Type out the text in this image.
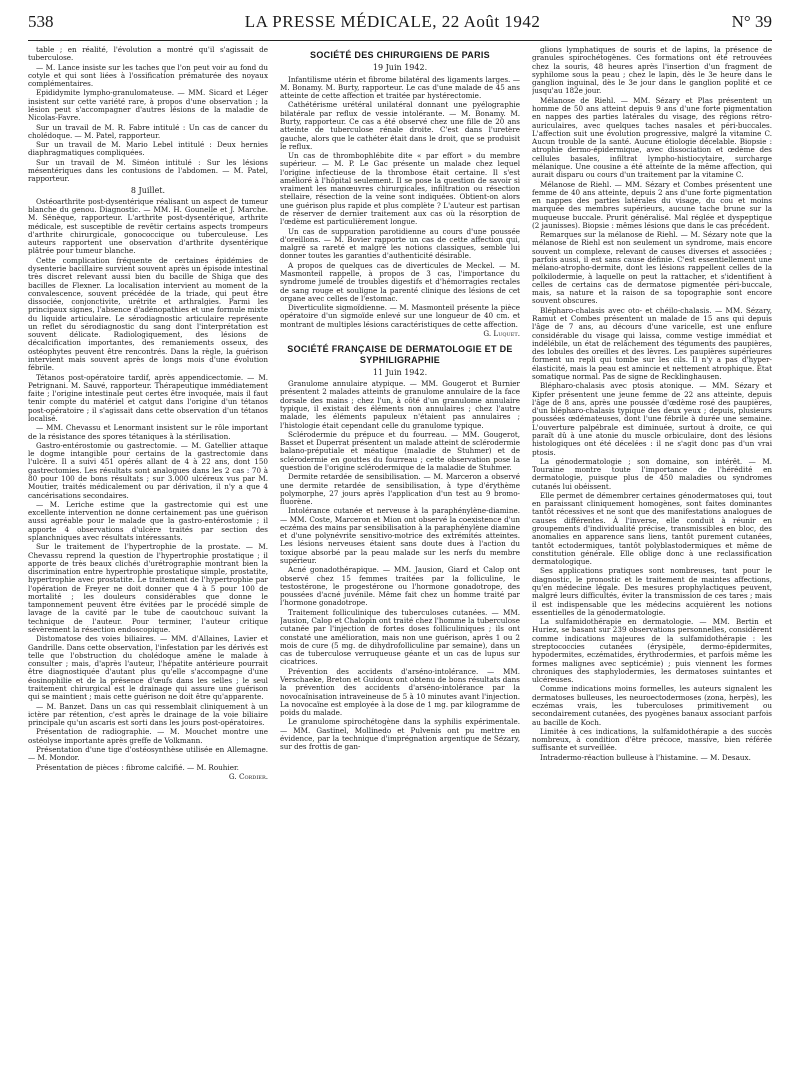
538	LA PRESSE MÉDICALE, 22 Août 1942	N° 39

table ; en réalité, l'évolution a montré qu'il s'agissait de tuberculose.

— M. Lance insiste sur les taches que l'on peut voir au fond du cotyle et qui sont liées à l'ossification prématurée des noyaux complémentaires.

Epididymite lympho-granulomateuse. — MM. Sicard et Léger insistent sur cette variété rare, à propos d'une observation ; la lésion peut s'accompagner d'autres lésions de la maladie de Nicolas-Favre.

Sur un travail de M. R. Fabre intitulé : Un cas de cancer du cholédoque. — M. Patel, rapporteur.

Sur un travail de M. Mario Lebel intitulé : Deux hernies diaphragmatiques compliquées.

Sur un travail de M. Siméon intitulé : Sur les lésions mésentériques dans les contusions de l'abdomen. — M. Patel, rapporteur.

8 Juillet.

Ostéoarthrite post-dysentérique réalisant un aspect de tumeur blanche du genou. Diagnostic. — MM. H. Gounelle et J. Marche. M. Sénèque, rapporteur. L'arthrite post-dysentérique, arthrite médicale, est susceptible de revêtir certains aspects trompeurs d'arthrite chirurgicale, gonococcique ou tuberculeuse. Les auteurs rapportent une observation d'arthrite dysentérique plâtrée pour tumeur blanche.

Cette complication fréquente de certaines épidémies de dysenterie bacillaire survient souvent après un épisode intestinal très discret relevant aussi bien du bacille de Shiga que des bacilles de Flexner. La localisation intervient au moment de la convalescence, souvent précédée de la triade, qui peut être dissociée, conjonctivite, urétrite et arthralgies. Parmi les principaux signes, l'absence d'adénopathies et une formule mixte du liquide articulaire. Le sérodiagnostic articulaire représente un reflet du sérodiagnostic du sang dont l'interprétation est souvent délicate. Radiologiquement, des lésions de décalcification importantes, des remaniements osseux, des ostéophytes peuvent être rencontrés. Dans la règle, la guérison intervient mais souvent après de longs mois d'une évolution fébrile.

Tétanos post-opératoire tardif, après appendicectomie. — M. Petrignani. M. Sauvé, rapporteur. Thérapeutique immédiatement faite ; l'origine intestinale peut certes être invoquée, mais il faut tenir compte du matériel et catgut dans l'origine d'un tétanos post-opératoire ; il s'agissait dans cette observation d'un tétanos localisé.

— MM. Chevassu et Lenormant insistent sur le rôle important de la résistance des spores tétaniques à la stérilisation.

Gastro-entérostomie ou gastrectomie. — M. Gatellier attaque le dogme intangible pour certains de la gastrectomie dans l'ulcère. Il a suivi 451 opérés allant de 4 à 22 ans, dont 150 gastrectomies. Les résultats sont analogues dans les 2 cas : 70 à 80 pour 100 de bons résultats ; sur 3.000 ulcéreux vus par M. Moutier, traités médicalement ou par dérivation, il n'y a que 4 cancérisations secondaires.

— M. Leriche estime que la gastrectomie qui est une excellente intervention ne donne certainement pas une guérison aussi agréable pour le malade que la gastro-entérostomie ; il apporte 4 observations d'ulcère traités par section des splanchniques avec résultats intéressants.

Sur le traitement de l'hypertrophie de la prostate. — M. Chevassu reprend la question de l'hypertrophie prostatique ; il apporte de très beaux clichés d'urétrographie montrant bien la discrimination entre hypertrophie prostatique simple, prostatite, hypertrophie avec prostatite. Le traitement de l'hypertrophie par l'opération de Freyer ne doit donner que 4 à 5 pour 100 de mortalité ; les douleurs considérables que donne le tamponnement peuvent être évitées par le procédé simple de lavage de la cavité par le tube de caoutchouc suivant la technique de l'auteur. Pour terminer, l'auteur critique sévèrement la résection endoscopique.

Distomatose des voies biliaires. — MM. d'Allaines, Lavier et Gandrille. Dans cette observation, l'infestation par les dérivés est telle que l'obstruction du cholédoque amène le malade à consulter ; mais, d'après l'auteur, l'hépatite antérieure pourrait être diagnostiquée d'autant plus qu'elle s'accompagne d'une éosinophilie et de la présence d'œufs dans les selles ; le seul traitement chirurgical est le drainage qui assure une guérison qui se maintient ; mais cette guérison ne doit être qu'apparente.

— M. Banzet. Dans un cas qui ressemblait cliniquement à un ictère par rétention, c'est après le drainage de la voie biliaire principale qu'un ascaris est sorti dans les jours post-opératoires.

Présentation de radiographie. — M. Mouchet montre une ostéolyse importante après greffe de Volkmann.

Présentation d'une tige d'ostéosynthèse utilisée en Allemagne. — M. Mondor.

Présentation de pièces : fibrome calcifié. — M. Rouhier.

G. Cordier.
SOCIÉTÉ DES CHIRURGIENS DE PARIS
19 Juin 1942.

Infantilisme utérin et fibrome bilatéral des ligaments larges. — M. Bonamy. M. Burty, rapporteur. Le cas d'une malade de 45 ans atteinte de cette affection et traitée par hystérectomie.

Cathétérisme urétéral unilatéral donnant une pyélographie bilatérale par reflux de vessie intolérante. — M. Bonamy. M. Burty, rapporteur. Ce cas a été observé chez une fille de 20 ans atteinte de tuberculose rénale droite. C'est dans l'uretère gauche, alors que le cathéter était dans le droit, que se produisit le reflux.

Un cas de thrombophlébite dite « par effort » du membre supérieur. — M. P. Le Gac présente un malade chez lequel l'origine infectieuse de la thrombose était certaine. Il s'est amélioré à l'hôpital seulement. Il se pose la question de savoir si vraiment les manœuvres chirurgicales, infiltration ou résection stellaire, résection de la veine sont indiquées. Obtient-on alors une guérison plus rapide et plus complète ? L'auteur est partisan de réserver de dernier traitement aux cas où la résorption de l'œdème est particulièrement longue.

Un cas de suppuration parotidienne au cours d'une poussée d'oreillons. — M. Bovier rapporte un cas de cette affection qui, malgré sa rareté et malgré les notions classiques, semble lui donner toutes les garanties d'authenticité désirable.

A propos de quelques cas de diverticules de Meckel. — M. Masmonteil rappelle, à propos de 3 cas, l'importance du syndrome jumelé de troubles digestifs et d'hémorragies rectales de sang rouge et souligne la parenté clinique des lésions de cet organe avec celles de l'estomac.

Diverticulite sigmoïdienne. — M. Masmonteil présente la pièce opératoire d'un sigmoïde enlevé sur une longueur de 40 cm. et montrant de multiples lésions caractéristiques de cette affection.

G. Luquet.
SOCIÉTÉ FRANÇAISE DE DERMATOLOGIE ET DE SYPHILIGRAPHIE
11 Juin 1942.

Granulome annulaire atypique. — MM. Gougerot et Burnier présentent 2 malades atteints de granulome annulaire de la face dorsale des mains ; chez l'un, à côté d'un granulome annulaire typique, il existait des éléments non annulaires ; chez l'autre malade, les éléments papuleux n'étaient pas annulaires ; l'histologie était cependant celle du granulome typique.

Sclérodermie du prépuce et du fourreau. — MM. Gougerot, Basset et Duperrat présentent un malade atteint de sclérodermie balano-préputiale et méatique (maladie de Stuhmer) et de sclérodermie en gouttes du fourreau ; cette observation pose la question de l'origine sclérodermique de la maladie de Stuhmer.

Dermite retardée de sensibilisation. — M. Marceron a observé une dermite retardée de sensibilisation, à type d'érythème polymorphe, 27 jours après l'application d'un test au 9 bromo-fluorène.

Intolérance cutanée et nerveuse à la paraphénylène-diamine. — MM. Coste, Marceron et Mion ont observé la coexistence d'un eczéma des mains par sensibilisation à la paraphénylène diamine et d'une polynévrite sensitivo-motrice des extrémités atteintes. Les lésions nerveuses étaient sans doute dues à l'action du toxique absorbé par la peau malade sur les nerfs du membre supérieur.

Acné gonadothérapique. — MM. Jausion, Giard et Calop ont observé chez 15 femmes traitées par la folliculine, le testostérone, le progestérone ou l'hormone gonadotrope, des poussées d'acné juvénile. Même fait chez un homme traité par l'hormone gonadotrope.

Traitement folliculinique des tuberculoses cutanées. — MM. Jausion, Calop et Chalopin ont traité chez l'homme la tuberculose cutanée par l'injection de fortes doses folliculiniques ; ils ont constaté une amélioration, mais non une guérison, après 1 ou 2 mois de cure (5 mg. de dihydrofolliculine par semaine), dans un cas de tuberculose verruqueuse géante et un cas de lupus sur cicatrices.

Prévention des accidents d'arséno-intolérance. — MM. Verschaeke, Breton et Guidoux ont obtenu de bons résultats dans la prévention des accidents d'arséno-intolérance par la novocaïnisation intraveineuse de 5 à 10 minutes avant l'injection. La novocaïne est employée à la dose de 1 mg. par kilogramme de poids du malade.

Le granulome spirochétogène dans la syphilis expérimentale. — MM. Gastinel, Mollinedo et Pulvenis ont pu mettre en évidence, par la technique d'imprégnation argentique de Sézary, sur des frottis de gan-

glions lymphatiques de souris et de lapins, la présence de granules spirochétogènes. Ces formations ont été retrouvées chez la souris, 48 heures après l'insertion d'un fragment de syphilome sous la peau ; chez le lapin, dès le 3e heure dans le ganglion inguinal, dès le 3e jour dans le ganglion poplité et ce jusqu'au 182e jour.

Mélanose de Riehl. — MM. Sézary et Plas présentent un homme de 50 ans atteint depuis 9 ans d'une forte pigmentation en nappes des parties latérales du visage, des régions rétro-auriculaires, avec quelques taches nasales et péri-buccales. L'affection suit une évolution progressive, malgré la vitamine C. Aucun trouble de la santé. Aucune étiologie décelable. Biopsie : atrophie dermo-épidermique, avec dissociation et œdème des cellules basales, infiltrat lympho-histiocytaire, surcharge mélanique. Une cousine a été atteinte de la même affection, qui aurait disparu ou cours d'un traitement par la vitamine C.

Mélanose de Riehl. — MM. Sézary et Combes présentent une femme de 40 ans atteinte, depuis 2 ans d'une forte pigmentation en nappes des parties latérales du visage, du cou et moins marquée des membres supérieurs, aucune tache brune sur la muqueuse buccale. Prurit généralisé. Mal réglée et dyspeptique (2 jaunisses). Biopsie : mêmes lésions que dans le cas précédent.

Remarques sur la mélanose de Riehl. — M. Sézary note que la mélanose de Riehl est non seulement un syndrome, mais encore souvent un complexe, relevant de causes diverses et associées ; parfois aussi, il est sans cause définie. C'est essentiellement une mélano-atropho-dermite, dont les lésions rappellent celles de la poïkilodermie, à laquelle on peut la rattacher, et s'identifient à celles de certains cas de dermatose pigmentée péri-buccale, mais, sa nature et la raison de sa topographie sont encore souvent obscures.

Blépharo-chalasis avec oto- et chéilo-chalasis. — MM. Sézary, Ramut et Combes présentent un malade de 15 ans qui depuis l'âge de 7 ans, au décours d'une varicelle, est une enflure considérable du visage qui laissa, comme vestige immédiat et indélébile, un état de relâchement des téguments des paupières, des lobules des oreilles et des lèvres. Les paupières supérieures forment un repli qui tombe sur les cils. Il n'y a pas d'hyper-élasticité, mais la peau est amincie et nettement atrophique. État somatique normal. Pas de signe de Recklinghausen.

Blépharo-chalasis avec ptosis atonique. — MM. Sézary et Kipfer présentent une jeune femme de 22 ans atteinte, depuis l'âge de 8 ans, après une poussée d'œdème rosé des paupières, d'un blépharo-chalasis typique des deux yeux ; depuis, plusieurs poussées œdémateuses, dont l'une fébrile à durée une semaine. L'ouverture palpébrale est diminuée, surtout à droite, ce qui paraît dû à une atonie du muscle orbiculaire, dont des lésions histologiques ont été décelées : il ne s'agit donc pas d'un vrai ptosis.

La génodermatologie ; son domaine, son intérêt. — M. Touraine montre toute l'importance de l'hérédité en dermatologie, puisque plus de 450 maladies ou syndromes cutanés lui obéissent.

Elle permet de démembrer certaines génodermatoses qui, tout en paraissant cliniquement homogènes, sont faites dominantes tantôt récessives et ne sont que des manifestations analogues de causes différentes. À l'inverse, elle conduit à réunir en groupements d'individualité précise, transmissibles en bloc, des anomalies en apparence sans liens, tantôt purement cutanées, tantôt ectodermiques, tantôt polyblastodermiques et même de constitution générale. Elle oblige donc à une reclassification dermatologique.

Ses applications pratiques sont nombreuses, tant pour le diagnostic, le pronostic et le traitement de maintes affections, qu'en médecine légale. Des mesures prophylactiques peuvent, malgré leurs difficultés, éviter la transmission de ces tares ; mais il est indispensable que les médecins acquièrent les notions essentielles de la génodermatologie.

La sulfamidothérapie en dermatologie. — MM. Bertin et Huriez, se basant sur 239 observations personnelles, considèrent comme indications majeures de la sulfamidothérapie : les streptococcies cutanées (érysipèle, dermo-épidermites, hypodermites, eczématides, érythrodermies, et parfois même les formes malignes avec septicémie) ; puis viennent les formes chroniques des staphylodermies, les dermatoses suintantes et ulcéreuses.

Comme indications moins formelles, les auteurs signalent les dermatoses bulleuses, les neuroectodermoses (zona, herpès), les eczémas vrais, les tuberculoses primitivement ou secondairement cutanées, des pyogènes banaux associant parfois au bacille de Koch.

Limitée à ces indications, la sulfamidothérapie a des succès nombreux, à condition d'être précoce, massive, bien référée suffisante et surveillée.

Intradermo-réaction bulleuse à l'histamine. — M. Desaux.
